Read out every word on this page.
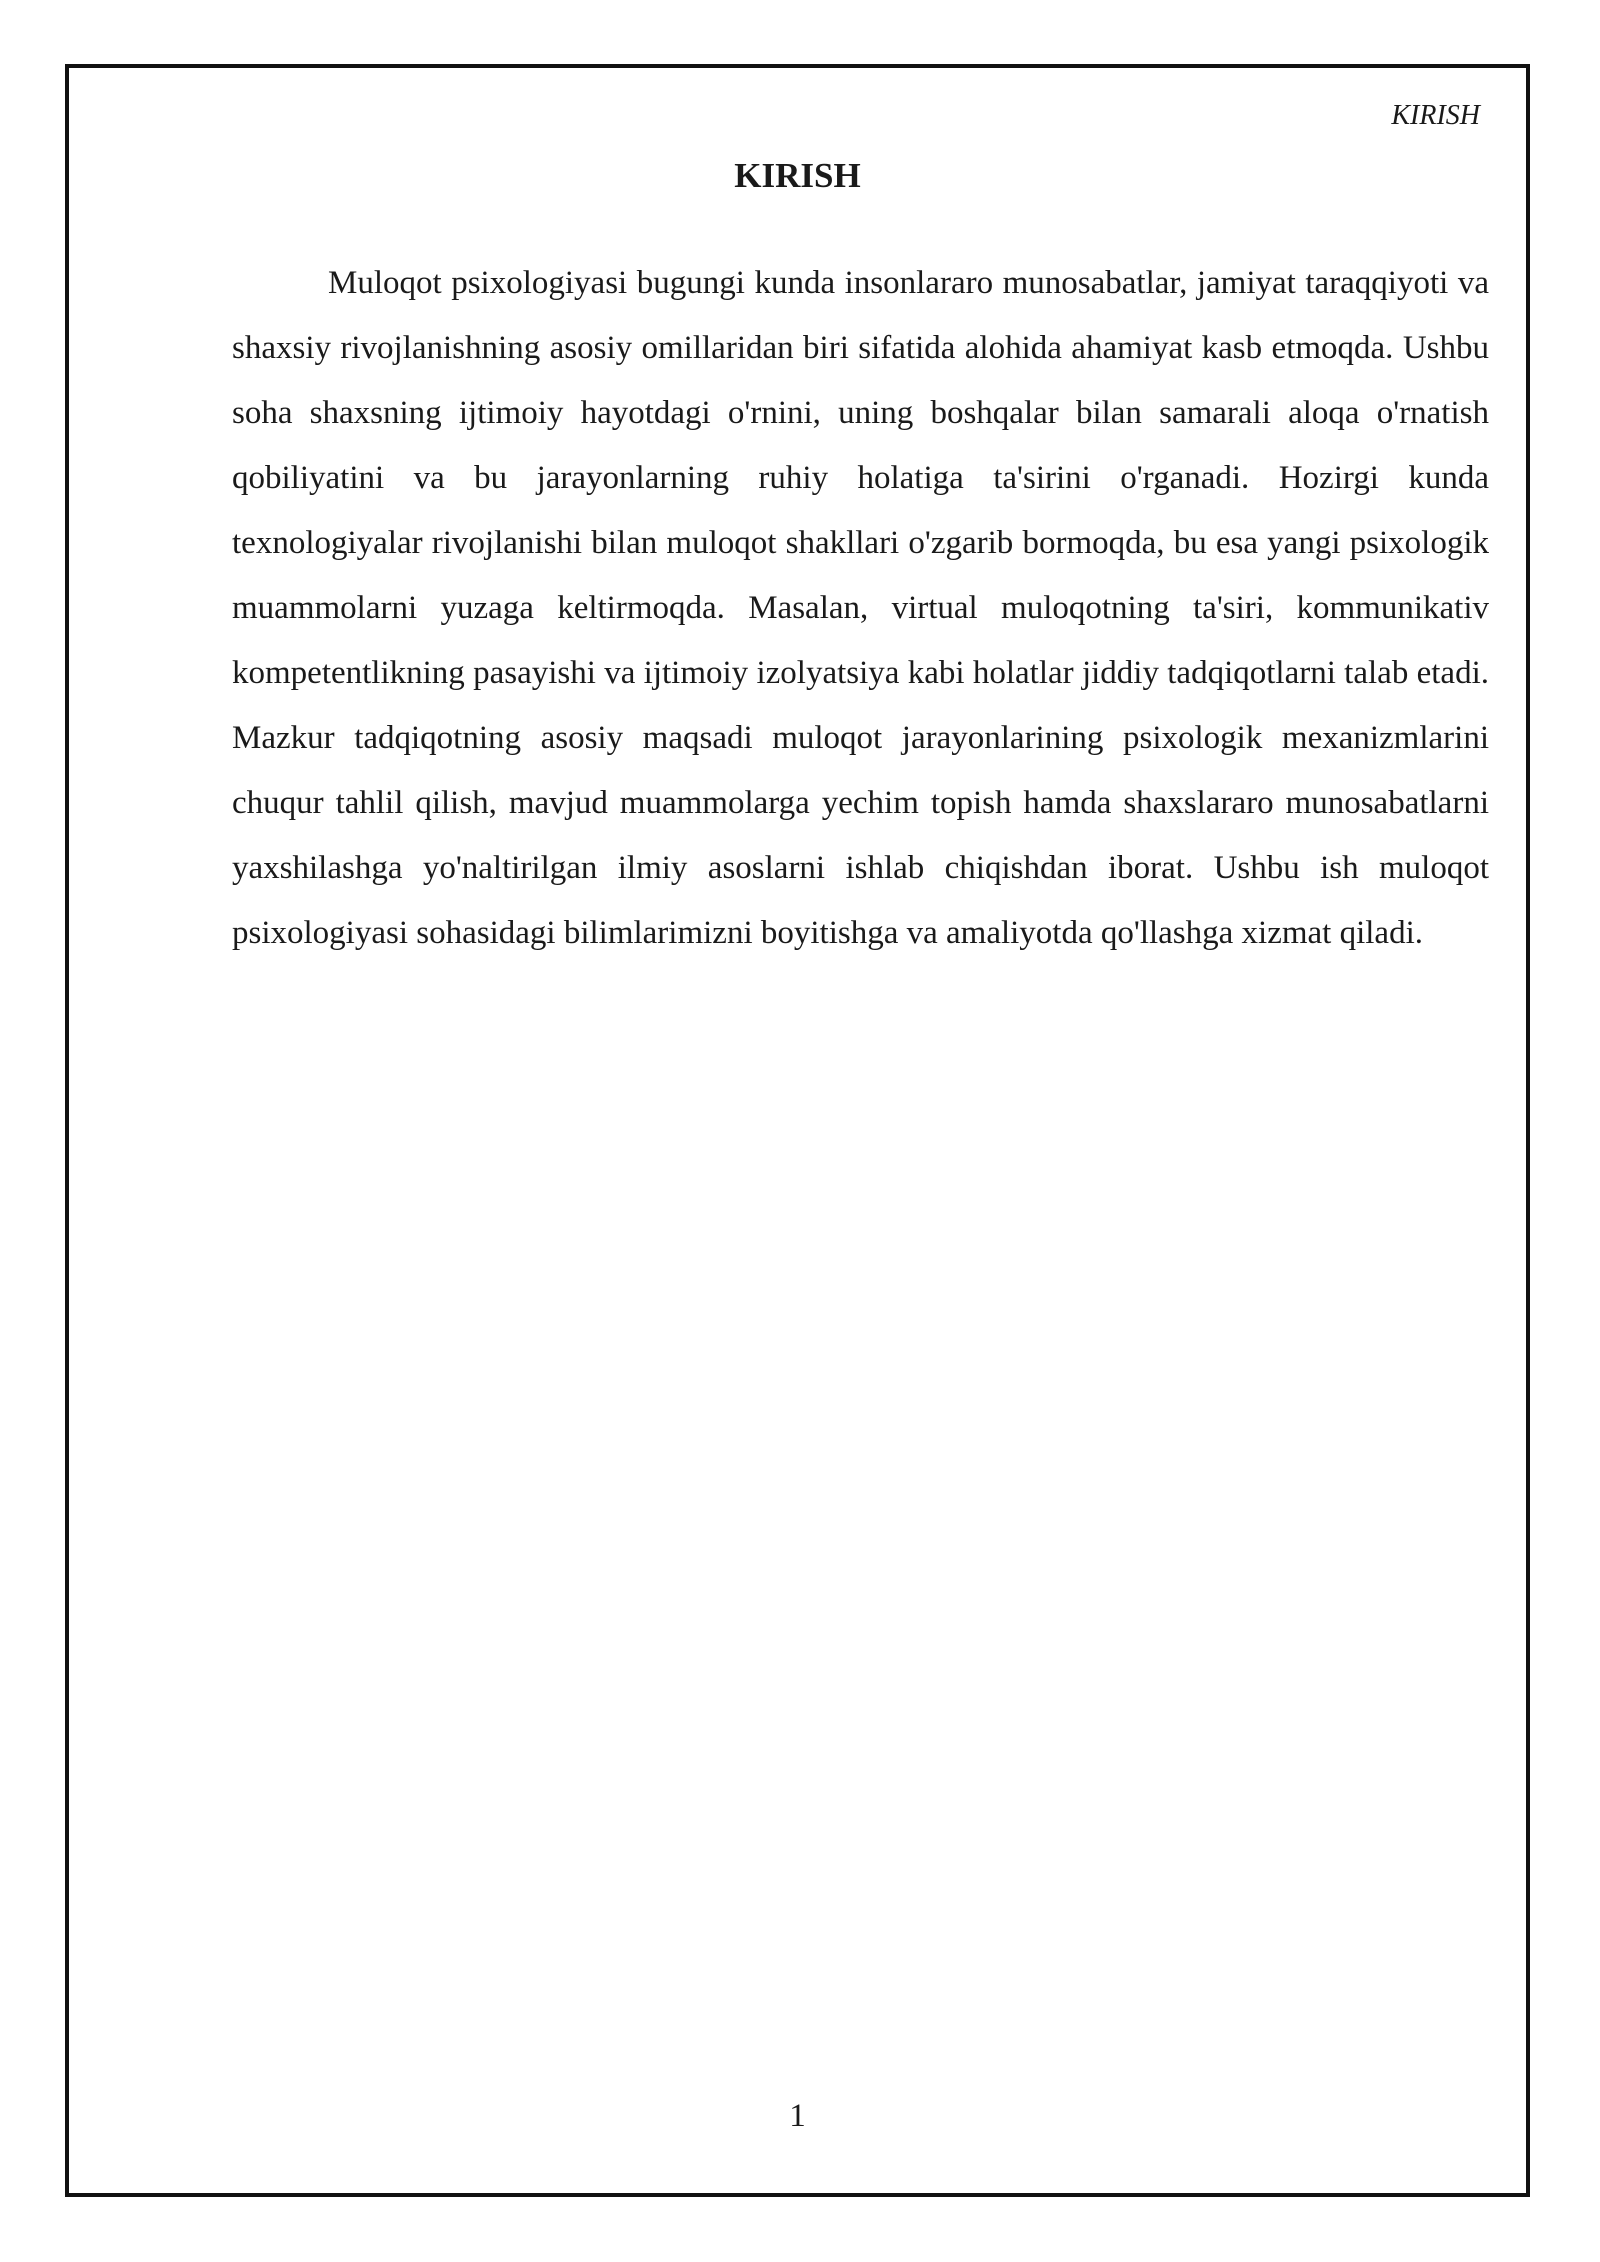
KIRISH
KIRISH

Muloqot psixologiyasi bugungi kunda insonlararo munosabatlar, jamiyat taraqqiyoti va shaxsiy rivojlanishning asosiy omillaridan biri sifatida alohida ahamiyat kasb etmoqda. Ushbu soha shaxsning ijtimoiy hayotdagi o'rnini, uning boshqalar bilan samarali aloqa o'rnatish qobiliyatini va bu jarayonlarning ruhiy holatiga ta'sirini o'rganadi. Hozirgi kunda texnologiyalar rivojlanishi bilan muloqot shakllari o'zgarib bormoqda, bu esa yangi psixologik muammolarni yuzaga keltirmoqda. Masalan, virtual muloqotning ta'siri, kommunikativ kompetentlikning pasayishi va ijtimoiy izolyatsiya kabi holatlar jiddiy tadqiqotlarni talab etadi. Mazkur tadqiqotning asosiy maqsadi muloqot jarayonlarining psixologik mexanizmlarini chuqur tahlil qilish, mavjud muammolarga yechim topish hamda shaxslararo munosabatlarni yaxshilashga yo'naltirilgan ilmiy asoslarni ishlab chiqishdan iborat. Ushbu ish muloqot psixologiyasi sohasidagi bilimlarimizni boyitishga va amaliyotda qo'llashga xizmat qiladi.

1
